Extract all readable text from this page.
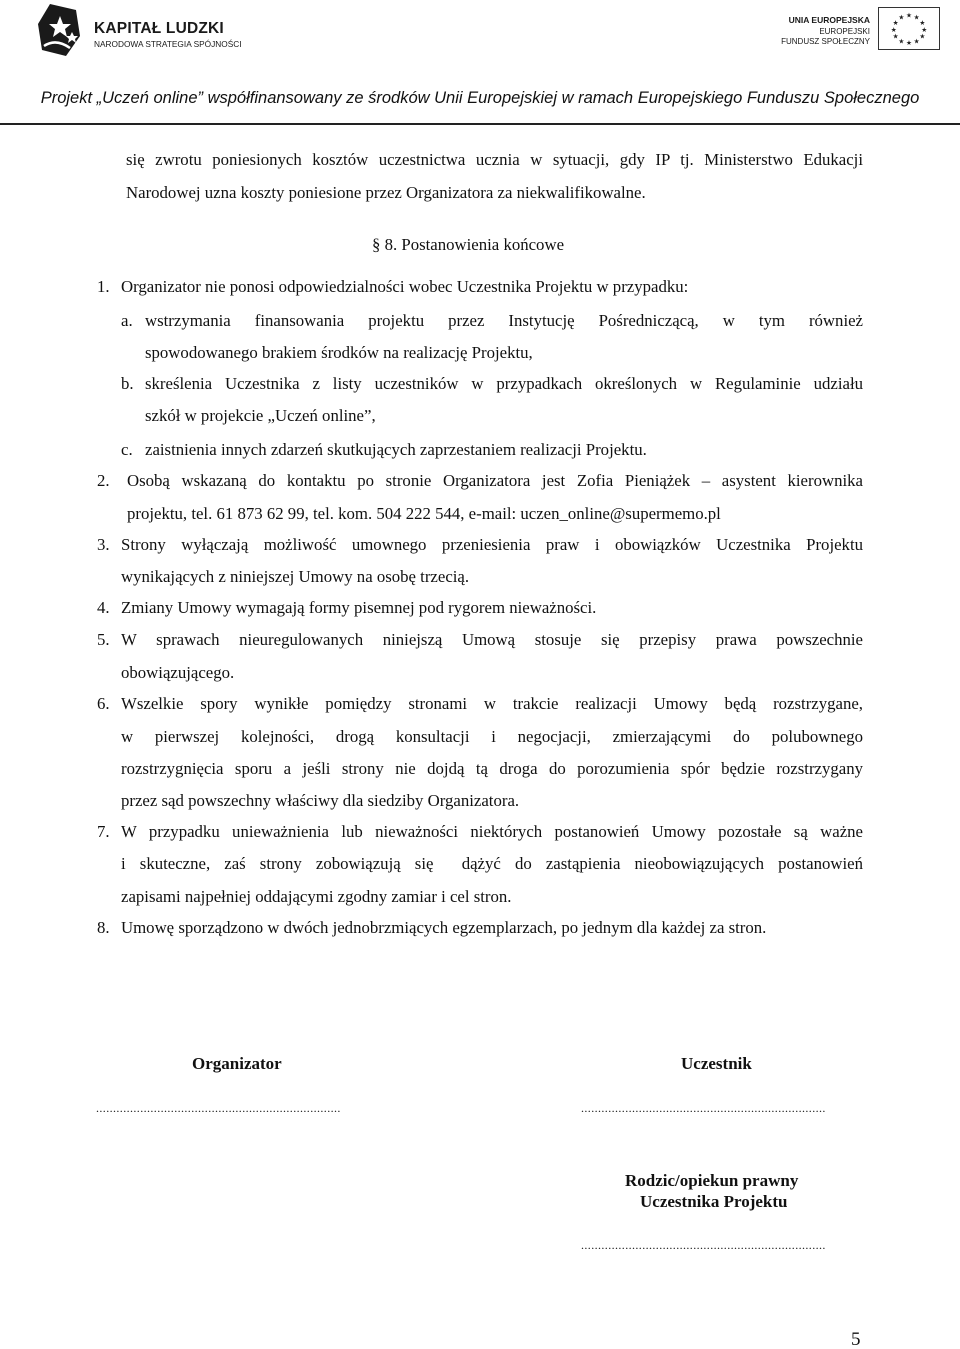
KAPITAŁ LUDZKI
NARODOWA STRATEGIA SPÓJNOŚCI
UNIA EUROPEJSKA
EUROPEJSKI
FUNDUSZ SPOŁECZNY
★ ★
★
★
★
★
★
★
★
★
★
★
Projekt „Uczeń online” współfinansowany ze środków Unii Europejskiej w ramach Europejskiego Funduszu Społecznego
się zwrotu poniesionych kosztów uczestnictwa ucznia w sytuacji, gdy IP tj. Ministerstwo Edukacji
Narodowej uzna koszty poniesione przez Organizatora za niekwalifikowalne.
§ 8. Postanowienia końcowe
1. Organizator nie ponosi odpowiedzialności wobec Uczestnika Projektu w przypadku:
a. wstrzymania finansowania projektu przez Instytucję Pośredniczącą, w tym również
spowodowanego brakiem środków na realizację Projektu,
b. skreślenia Uczestnika z listy uczestników w przypadkach określonych w Regulaminie udziału
szkół w projekcie „Uczeń online”,
c. zaistnienia innych zdarzeń skutkujących zaprzestaniem realizacji Projektu.
2. Osobą wskazaną do kontaktu po stronie Organizatora jest Zofia Pieniążek – asystent kierownika
projektu, tel. 61 873 62 99, tel. kom. 504 222 544, e-mail: uczen_online@supermemo.pl
3. Strony wyłączają możliwość umownego przeniesienia praw i obowiązków Uczestnika Projektu
wynikających z niniejszej Umowy na osobę trzecią.
4. Zmiany Umowy wymagają formy pisemnej pod rygorem nieważności.
5. W sprawach nieuregulowanych niniejszą Umową stosuje się przepisy prawa powszechnie
obowiązującego.
6. Wszelkie spory wynikłe pomiędzy stronami w trakcie realizacji Umowy będą rozstrzygane,
w pierwszej kolejności, drogą konsultacji i negocjacji, zmierzającymi do polubownego
rozstrzygnięcia sporu a jeśli strony nie dojdą tą droga do porozumienia spór będzie rozstrzygany
przez sąd powszechny właściwy dla siedziby Organizatora.
7. W przypadku unieważnienia lub nieważności niektórych postanowień Umowy pozostałe są ważne
i skuteczne, zaś strony zobowiązują się  dążyć do zastąpienia nieobowiązujących postanowień
zapisami najpełniej oddającymi zgodny zamiar i cel stron.
8. Umowę sporządzono w dwóch jednobrzmiących egzemplarzach, po jednym dla każdej za stron.
Organizator	Uczestnik
........................................................................	........................................................................
Rodzic/opiekun prawny
Uczestnika Projektu
........................................................................
5
